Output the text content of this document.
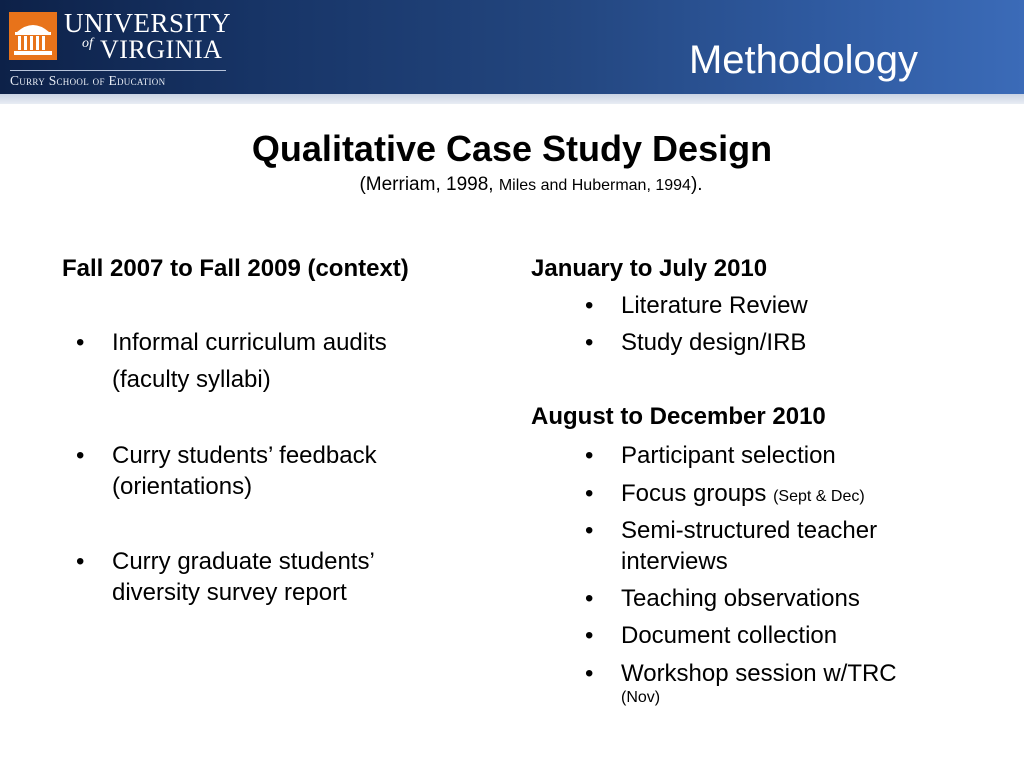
UNIVERSITY
of VIRGINIA
Curry School of Education	Methodology
Qualitative Case Study Design
(Merriam, 1998, Miles and Huberman, 1994).
Fall 2007 to Fall 2009 (context)
• Informal curriculum audits
(faculty syllabi)
• Curry students’ feedback
(orientations)
• Curry graduate students’
diversity survey report
January to July 2010
• Literature Review
• Study design/IRB
August to December 2010
• Participant selection
• Focus groups (Sept & Dec)
• Semi-structured teacher
interviews
• Teaching observations
• Document collection
• Workshop session w/TRC
(Nov)
